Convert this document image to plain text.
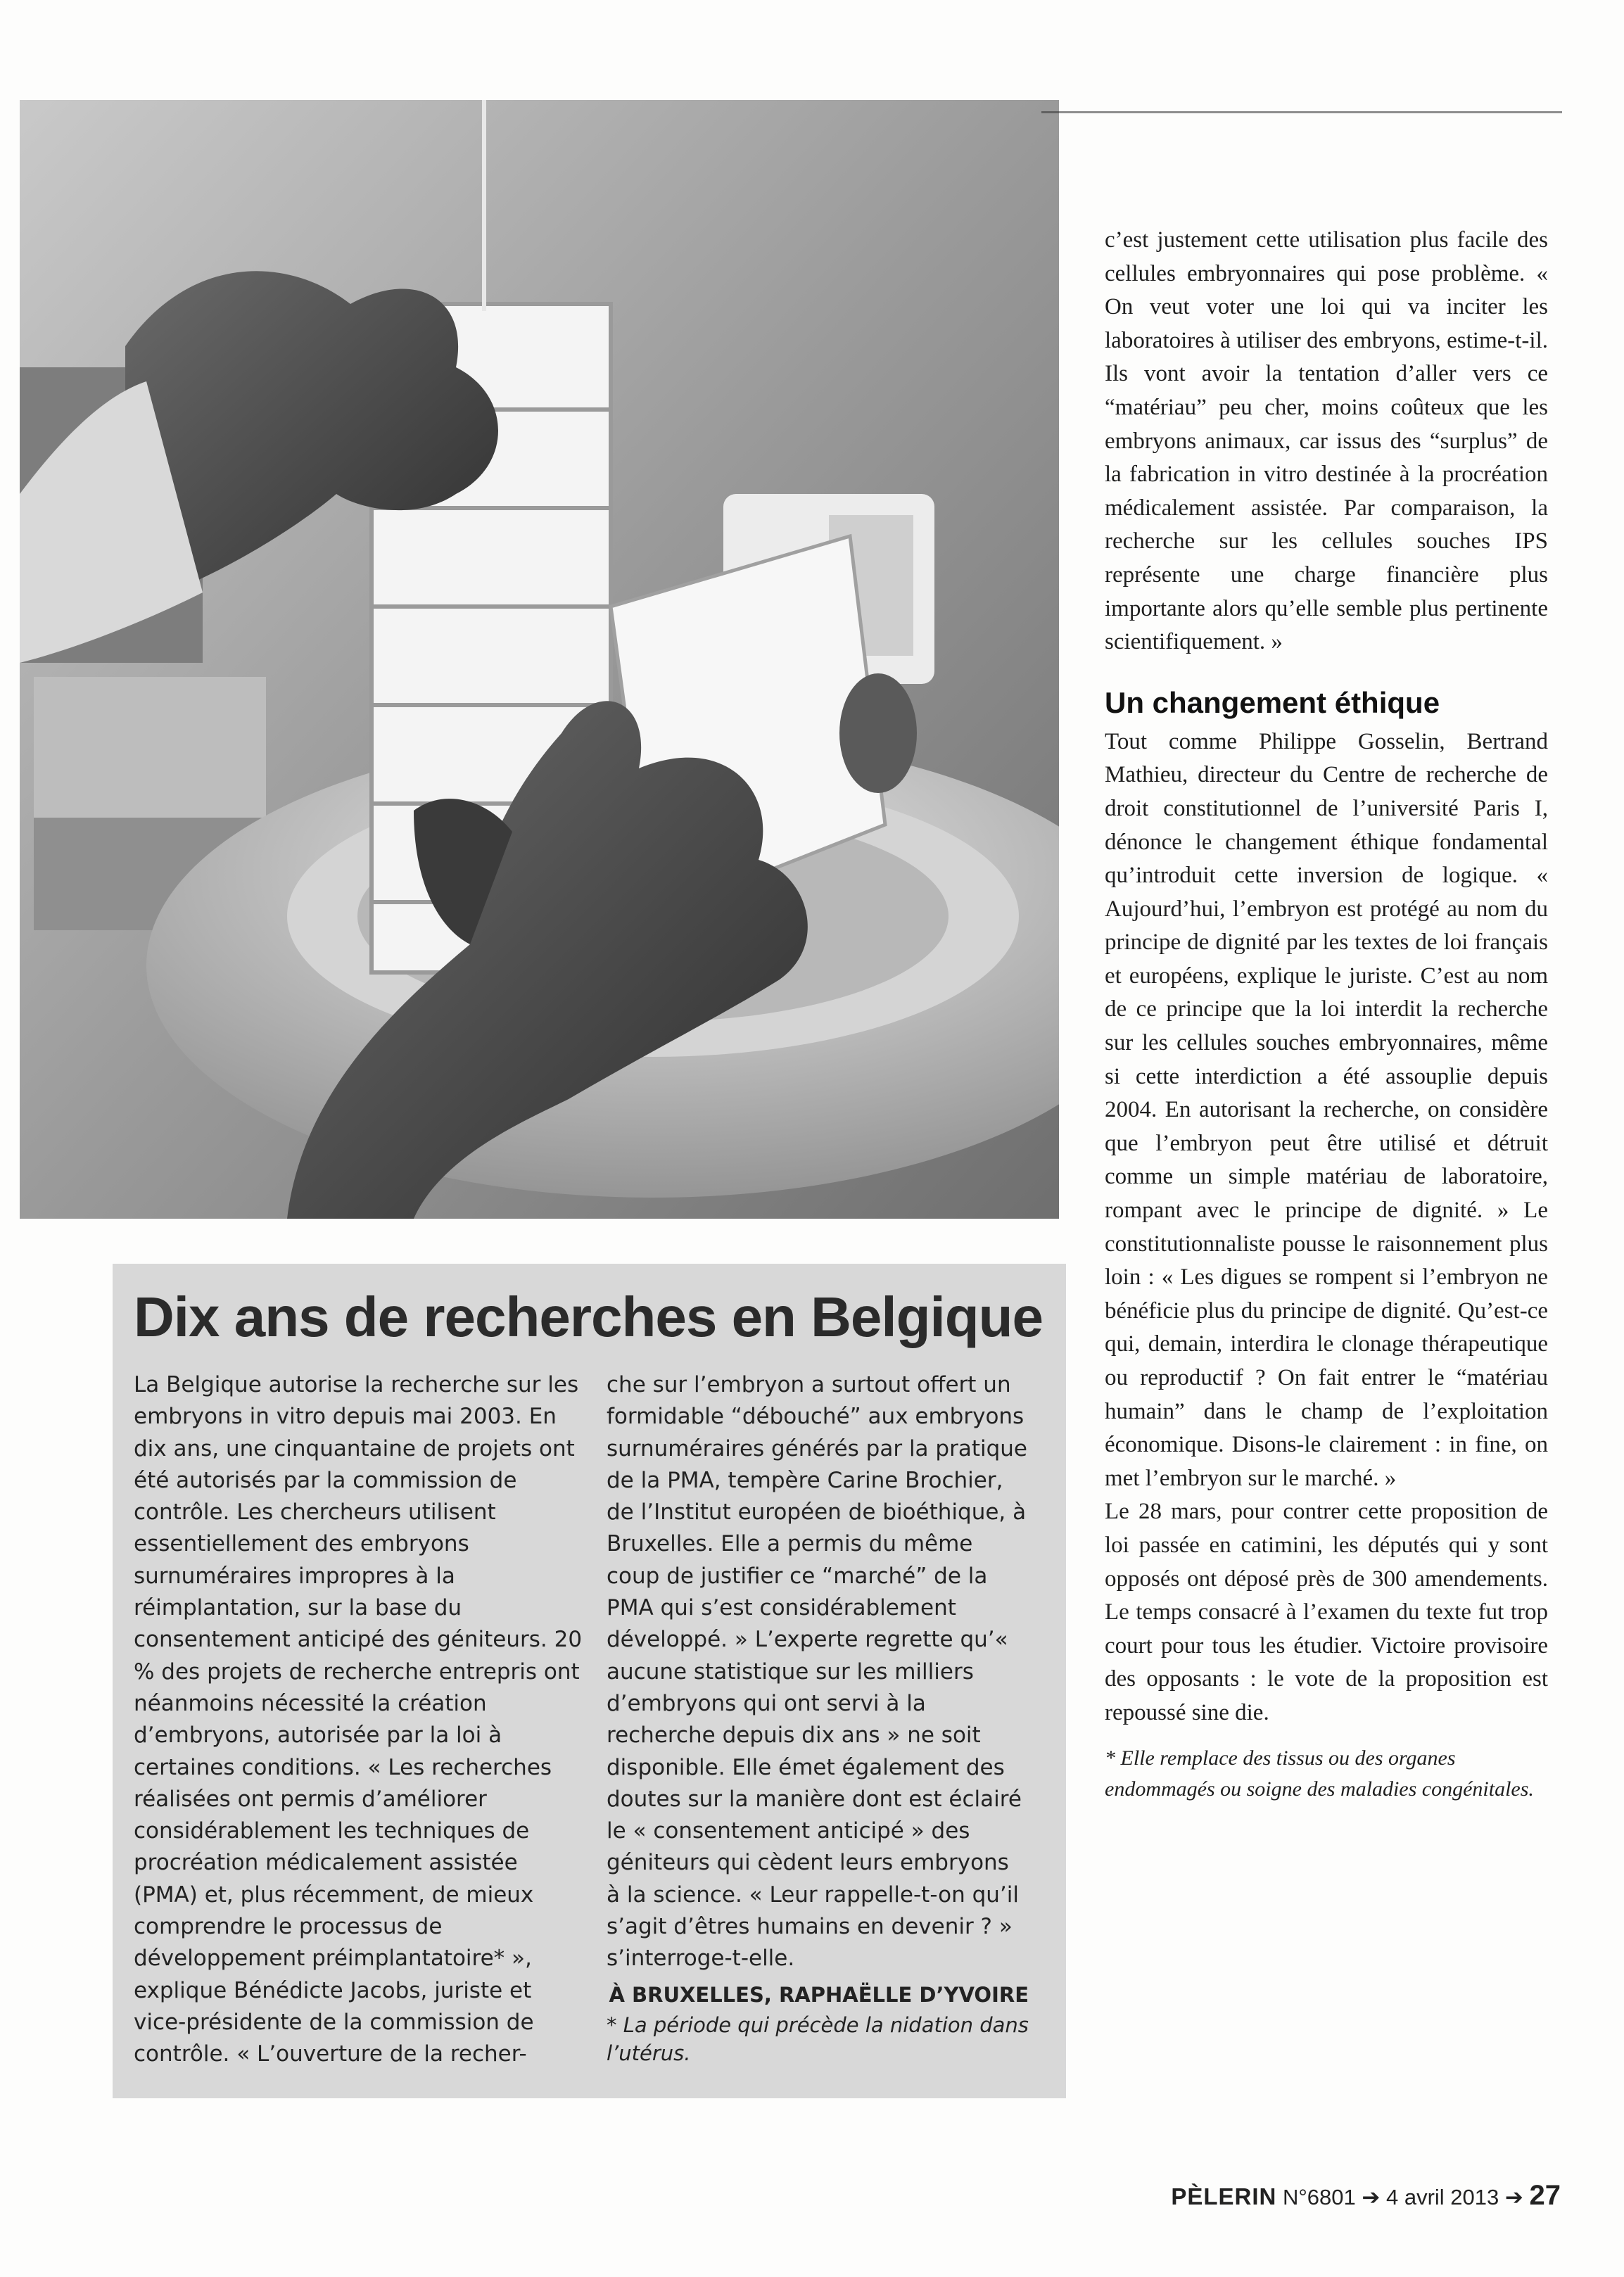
c’est justement cette utilisation plus facile des cellules embryonnaires qui pose problème. « On veut voter une loi qui va inciter les laboratoires à utiliser des embryons, estime-t-il. Ils vont avoir la tentation d’aller vers ce “matériau” peu cher, moins coûteux que les embryons animaux, car issus des “surplus” de la fabrication in vitro destinée à la procréation médicalement assistée. Par comparaison, la recherche sur les cellules souches IPS représente une charge financière plus importante alors qu’elle semble plus pertinente scientifiquement. »

Un changement éthique

Tout comme Philippe Gosselin, Bertrand Mathieu, directeur du Centre de recherche de droit constitutionnel de l’université Paris I, dénonce le changement éthique fondamental qu’introduit cette inversion de logique. « Aujourd’hui, l’embryon est protégé au nom du principe de dignité par les textes de loi français et européens, explique le juriste. C’est au nom de ce principe que la loi interdit la recherche sur les cellules souches embryonnaires, même si cette interdiction a été assouplie depuis 2004. En autorisant la recherche, on considère que l’embryon peut être utilisé et détruit comme un simple matériau de laboratoire, rompant avec le principe de dignité. » Le constitutionnaliste pousse le raisonnement plus loin : « Les digues se rompent si l’embryon ne bénéficie plus du principe de dignité. Qu’est-ce qui, demain, interdira le clonage thérapeutique ou reproductif ? On fait entrer le “matériau humain” dans le champ de l’exploitation économique. Disons-le clairement : in fine, on met l’embryon sur le marché. »

Le 28 mars, pour contrer cette proposition de loi passée en catimini, les députés qui y sont opposés ont déposé près de 300 amendements. Le temps consacré à l’examen du texte fut trop court pour tous les étudier. Victoire provisoire des opposants : le vote de la proposition est repoussé sine die.

* Elle remplace des tissus ou des organes endommagés ou soigne des maladies congénitales.

Dix ans de recherches en Belgique

La Belgique autorise la recherche sur les embryons in vitro depuis mai 2003. En dix ans, une cinquantaine de projets ont été autorisés par la commission de contrôle. Les chercheurs utilisent essentiellement des embryons surnuméraires impropres à la réimplantation, sur la base du consentement anticipé des géniteurs. 20 % des projets de recherche entrepris ont néanmoins nécessité la création d’embryons, autorisée par la loi à certaines conditions. « Les recherches réalisées ont permis d’améliorer considérablement les techniques de procréation médicalement assistée (PMA) et, plus récemment, de mieux comprendre le processus de développement préimplantatoire* », explique Bénédicte Jacobs, juriste et vice-présidente de la commission de contrôle. « L’ouverture de la recher-

che sur l’embryon a surtout offert un formidable “débouché” aux embryons surnuméraires générés par la pratique de la PMA, tempère Carine Brochier, de l’Institut européen de bioéthique, à Bruxelles. Elle a permis du même coup de justifier ce “marché” de la PMA qui s’est considérablement développé. » L’experte regrette qu’« aucune statistique sur les milliers d’embryons qui ont servi à la recherche depuis dix ans » ne soit disponible. Elle émet également des doutes sur la manière dont est éclairé le « consentement anticipé » des géniteurs qui cèdent leurs embryons à la science. « Leur rappelle-t-on qu’il s’agit d’êtres humains en devenir ? » s’interroge-t-elle.

À BRUXELLES, RAPHAËLLE D’YVOIRE

* La période qui précède la nidation dans l’utérus.

PÈLERIN N°6801 ➔ 4 avril 2013 ➔ 27
